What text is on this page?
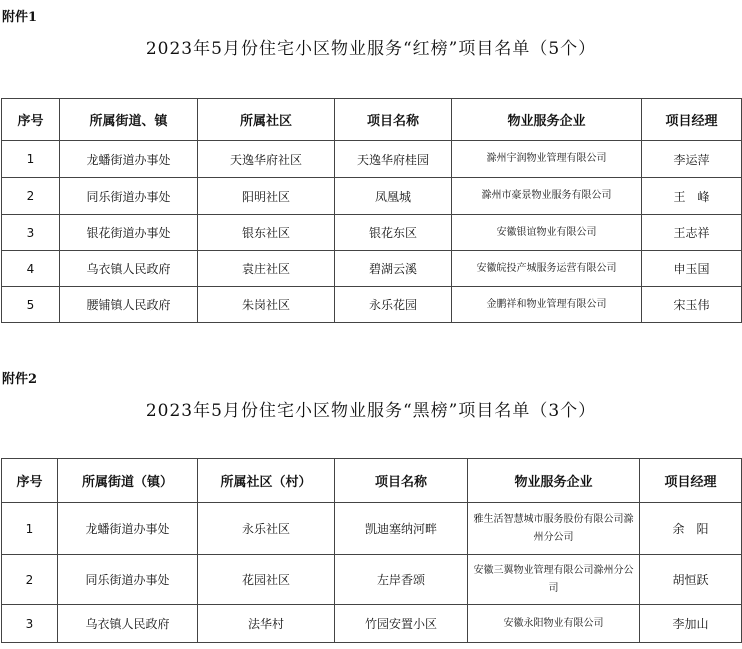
附件1
2023年5月份住宅小区物业服务“红榜”项目名单（5个）
序号	所属街道、镇	所属社区	项目名称	物业服务企业	项目经理
1	龙蟠街道办事处	天逸华府社区	天逸华府桂园	滁州宇润物业管理有限公司	李运萍
2	同乐街道办事处	阳明社区	凤凰城	滁州市豪景物业服务有限公司	王　峰
3	银花街道办事处	银东社区	银花东区	安徽银谊物业有限公司	王志祥
4	乌衣镇人民政府	袁庄社区	碧湖云溪	安徽皖投产城服务运营有限公司	申玉国
5	腰铺镇人民政府	朱岗社区	永乐花园	金鹏祥和物业管理有限公司	宋玉伟
附件2
2023年5月份住宅小区物业服务“黑榜”项目名单（3个）
序号	所属街道（镇）	所属社区（村）	项目名称	物业服务企业	项目经理
1	龙蟠街道办事处	永乐社区	凯迪塞纳河畔	雅生活智慧城市服务股份有限公司滁州分公司	余　阳
2	同乐街道办事处	花园社区	左岸香颂	安徽三翼物业管理有限公司滁州分公司	胡恒跃
3	乌衣镇人民政府	法华村	竹园安置小区	安徽永阳物业有限公司	李加山
